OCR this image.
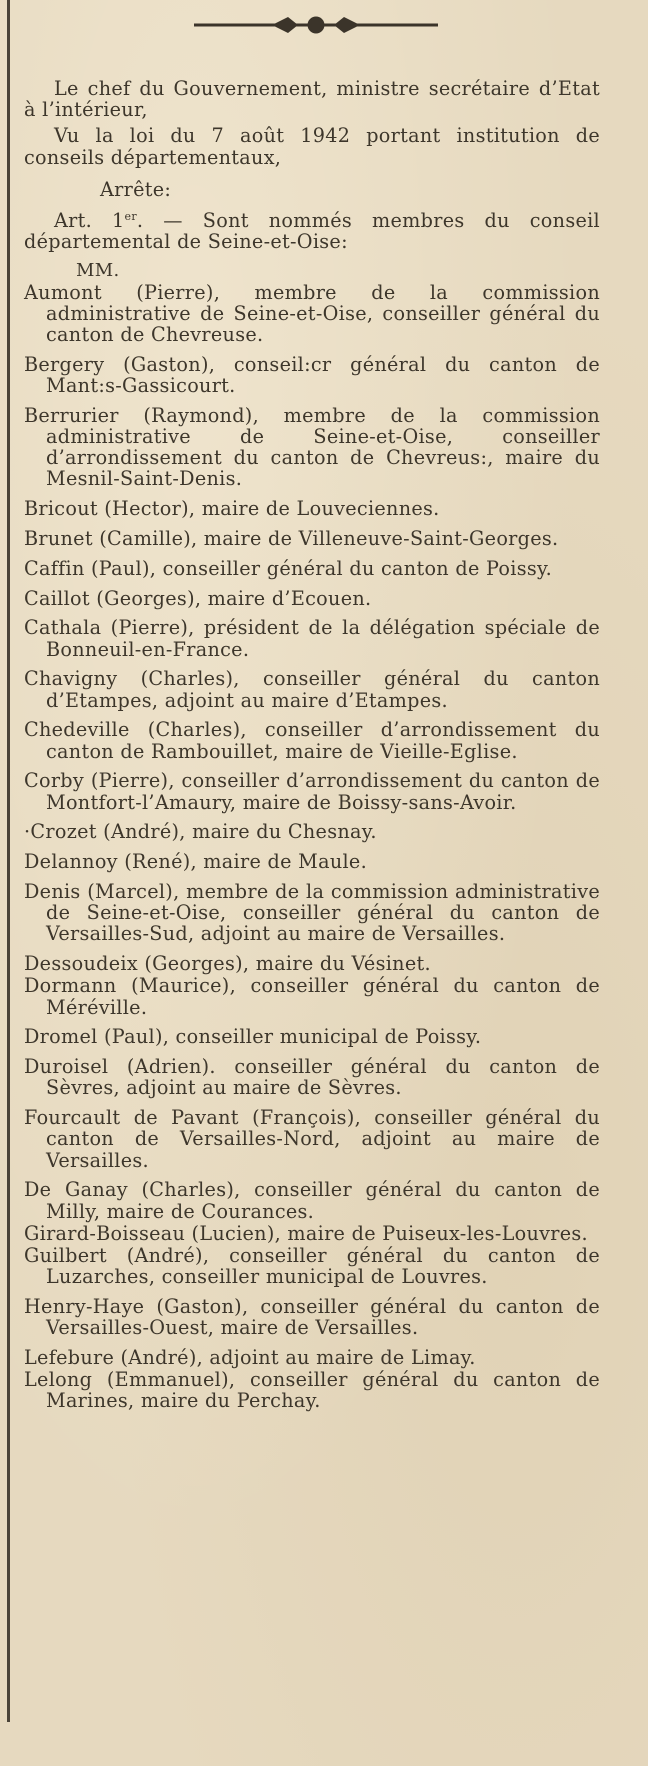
Le chef du Gouvernement, ministre secrétaire d’Etat à l’intérieur,

Vu la loi du 7 août 1942 portant institution de conseils départementaux,

Arrête:

Art. 1er. — Sont nommés membres du conseil départemental de Seine-et-Oise:

MM.

Aumont (Pierre), membre de la commission administrative de Seine-et-Oise, conseiller général du canton de Chevreuse.

Bergery (Gaston), conseil:cr général du canton de Mant:s-Gassicourt.

Berrurier (Raymond), membre de la commission administrative de Seine-et-Oise, conseiller d’arrondissement du canton de Chevreus:, maire du Mesnil-Saint-Denis.

Bricout (Hector), maire de Louveciennes.

Brunet (Camille), maire de Villeneuve-Saint-Georges.

Caffin (Paul), conseiller général du canton de Poissy.

Caillot (Georges), maire d’Ecouen.

Cathala (Pierre), président de la délégation spéciale de Bonneuil-en-France.

Chavigny (Charles), conseiller général du canton d’Etampes, adjoint au maire d’Etampes.

Chedeville (Charles), conseiller d’arrondissement du canton de Rambouillet, maire de Vieille-Eglise.

Corby (Pierre), conseiller d’arrondissement du canton de Montfort-l’Amaury, maire de Boissy-sans-Avoir.

·Crozet (André), maire du Chesnay.

Delannoy (René), maire de Maule.

Denis (Marcel), membre de la commission administrative de Seine-et-Oise, conseiller général du canton de Versailles-Sud, adjoint au maire de Versailles.

Dessoudeix (Georges), maire du Vésinet.

Dormann (Maurice), conseiller général du canton de Méréville.

Dromel (Paul), conseiller municipal de Poissy.

Duroisel (Adrien). conseiller général du canton de Sèvres, adjoint au maire de Sèvres.

Fourcault de Pavant (François), conseiller général du canton de Versailles-Nord, adjoint au maire de Versailles.

De Ganay (Charles), conseiller général du canton de Milly, maire de Courances.

Girard-Boisseau (Lucien), maire de Puiseux-les-Louvres.

Guilbert (André), conseiller général du canton de Luzarches, conseiller municipal de Louvres.

Henry-Haye (Gaston), conseiller général du canton de Versailles-Ouest, maire de Versailles.

Lefebure (André), adjoint au maire de Limay.

Lelong (Emmanuel), conseiller général du canton de Marines, maire du Perchay.
